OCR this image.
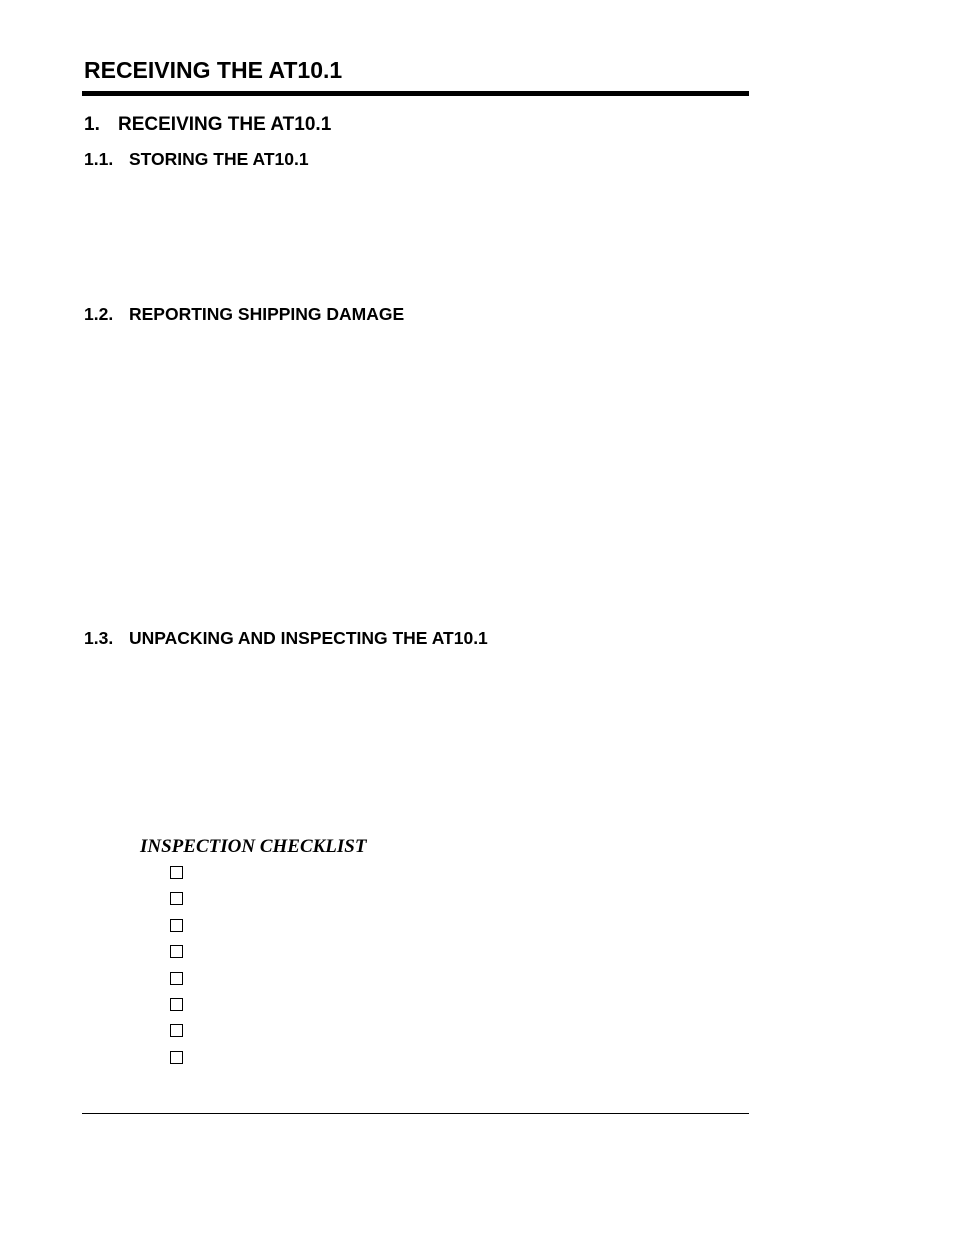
RECEIVING THE AT10.1
1. RECEIVING THE AT10.1
1.1. STORING THE AT10.1
1.2. REPORTING SHIPPING DAMAGE
1.3. UNPACKING AND INSPECTING THE AT10.1

INSPECTION CHECKLIST
